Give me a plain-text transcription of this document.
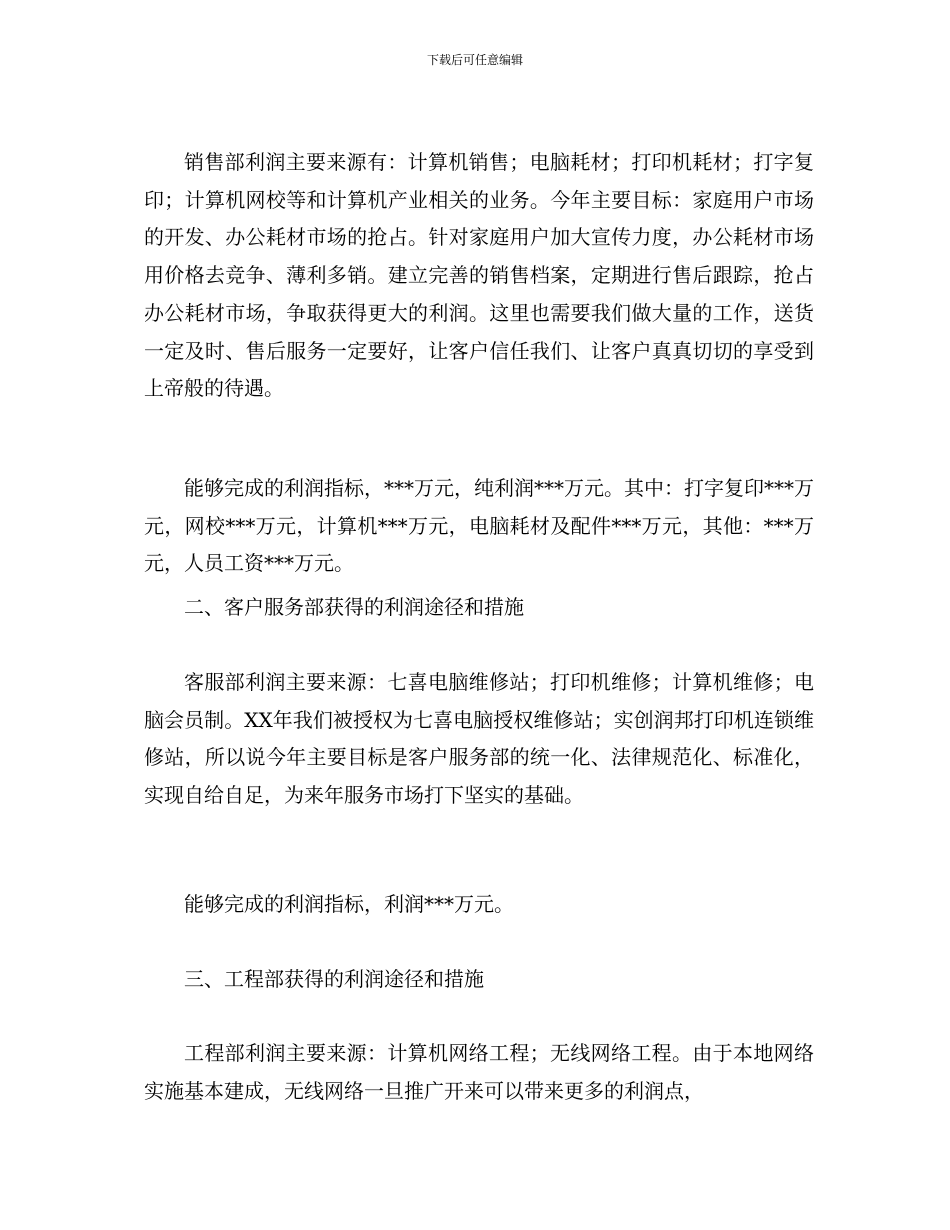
下载后可任意编辑

销售部利润主要来源有：计算机销售；电脑耗材；打印机耗材；打字复印；计算机网校等和计算机产业相关的业务。今年主要目标：家庭用户市场的开发、办公耗材市场的抢占。针对家庭用户加大宣传力度，办公耗材市场用价格去竞争、薄利多销。建立完善的销售档案，定期进行售后跟踪，抢占办公耗材市场，争取获得更大的利润。这里也需要我们做大量的工作，送货一定及时、售后服务一定要好，让客户信任我们、让客户真真切切的享受到上帝般的待遇。

能够完成的利润指标，***万元，纯利润***万元。其中：打字复印***万元，网校***万元，计算机***万元，电脑耗材及配件***万元，其他：***万元，人员工资***万元。

二、客户服务部获得的利润途径和措施

客服部利润主要来源：七喜电脑维修站；打印机维修；计算机维修；电脑会员制。XX年我们被授权为七喜电脑授权维修站；实创润邦打印机连锁维修站，所以说今年主要目标是客户服务部的统一化、法律规范化、标准化，实现自给自足，为来年服务市场打下坚实的基础。

能够完成的利润指标，利润***万元。

三、工程部获得的利润途径和措施

工程部利润主要来源：计算机网络工程；无线网络工程。由于本地网络实施基本建成，无线网络一旦推广开来可以带来更多的利润点，
